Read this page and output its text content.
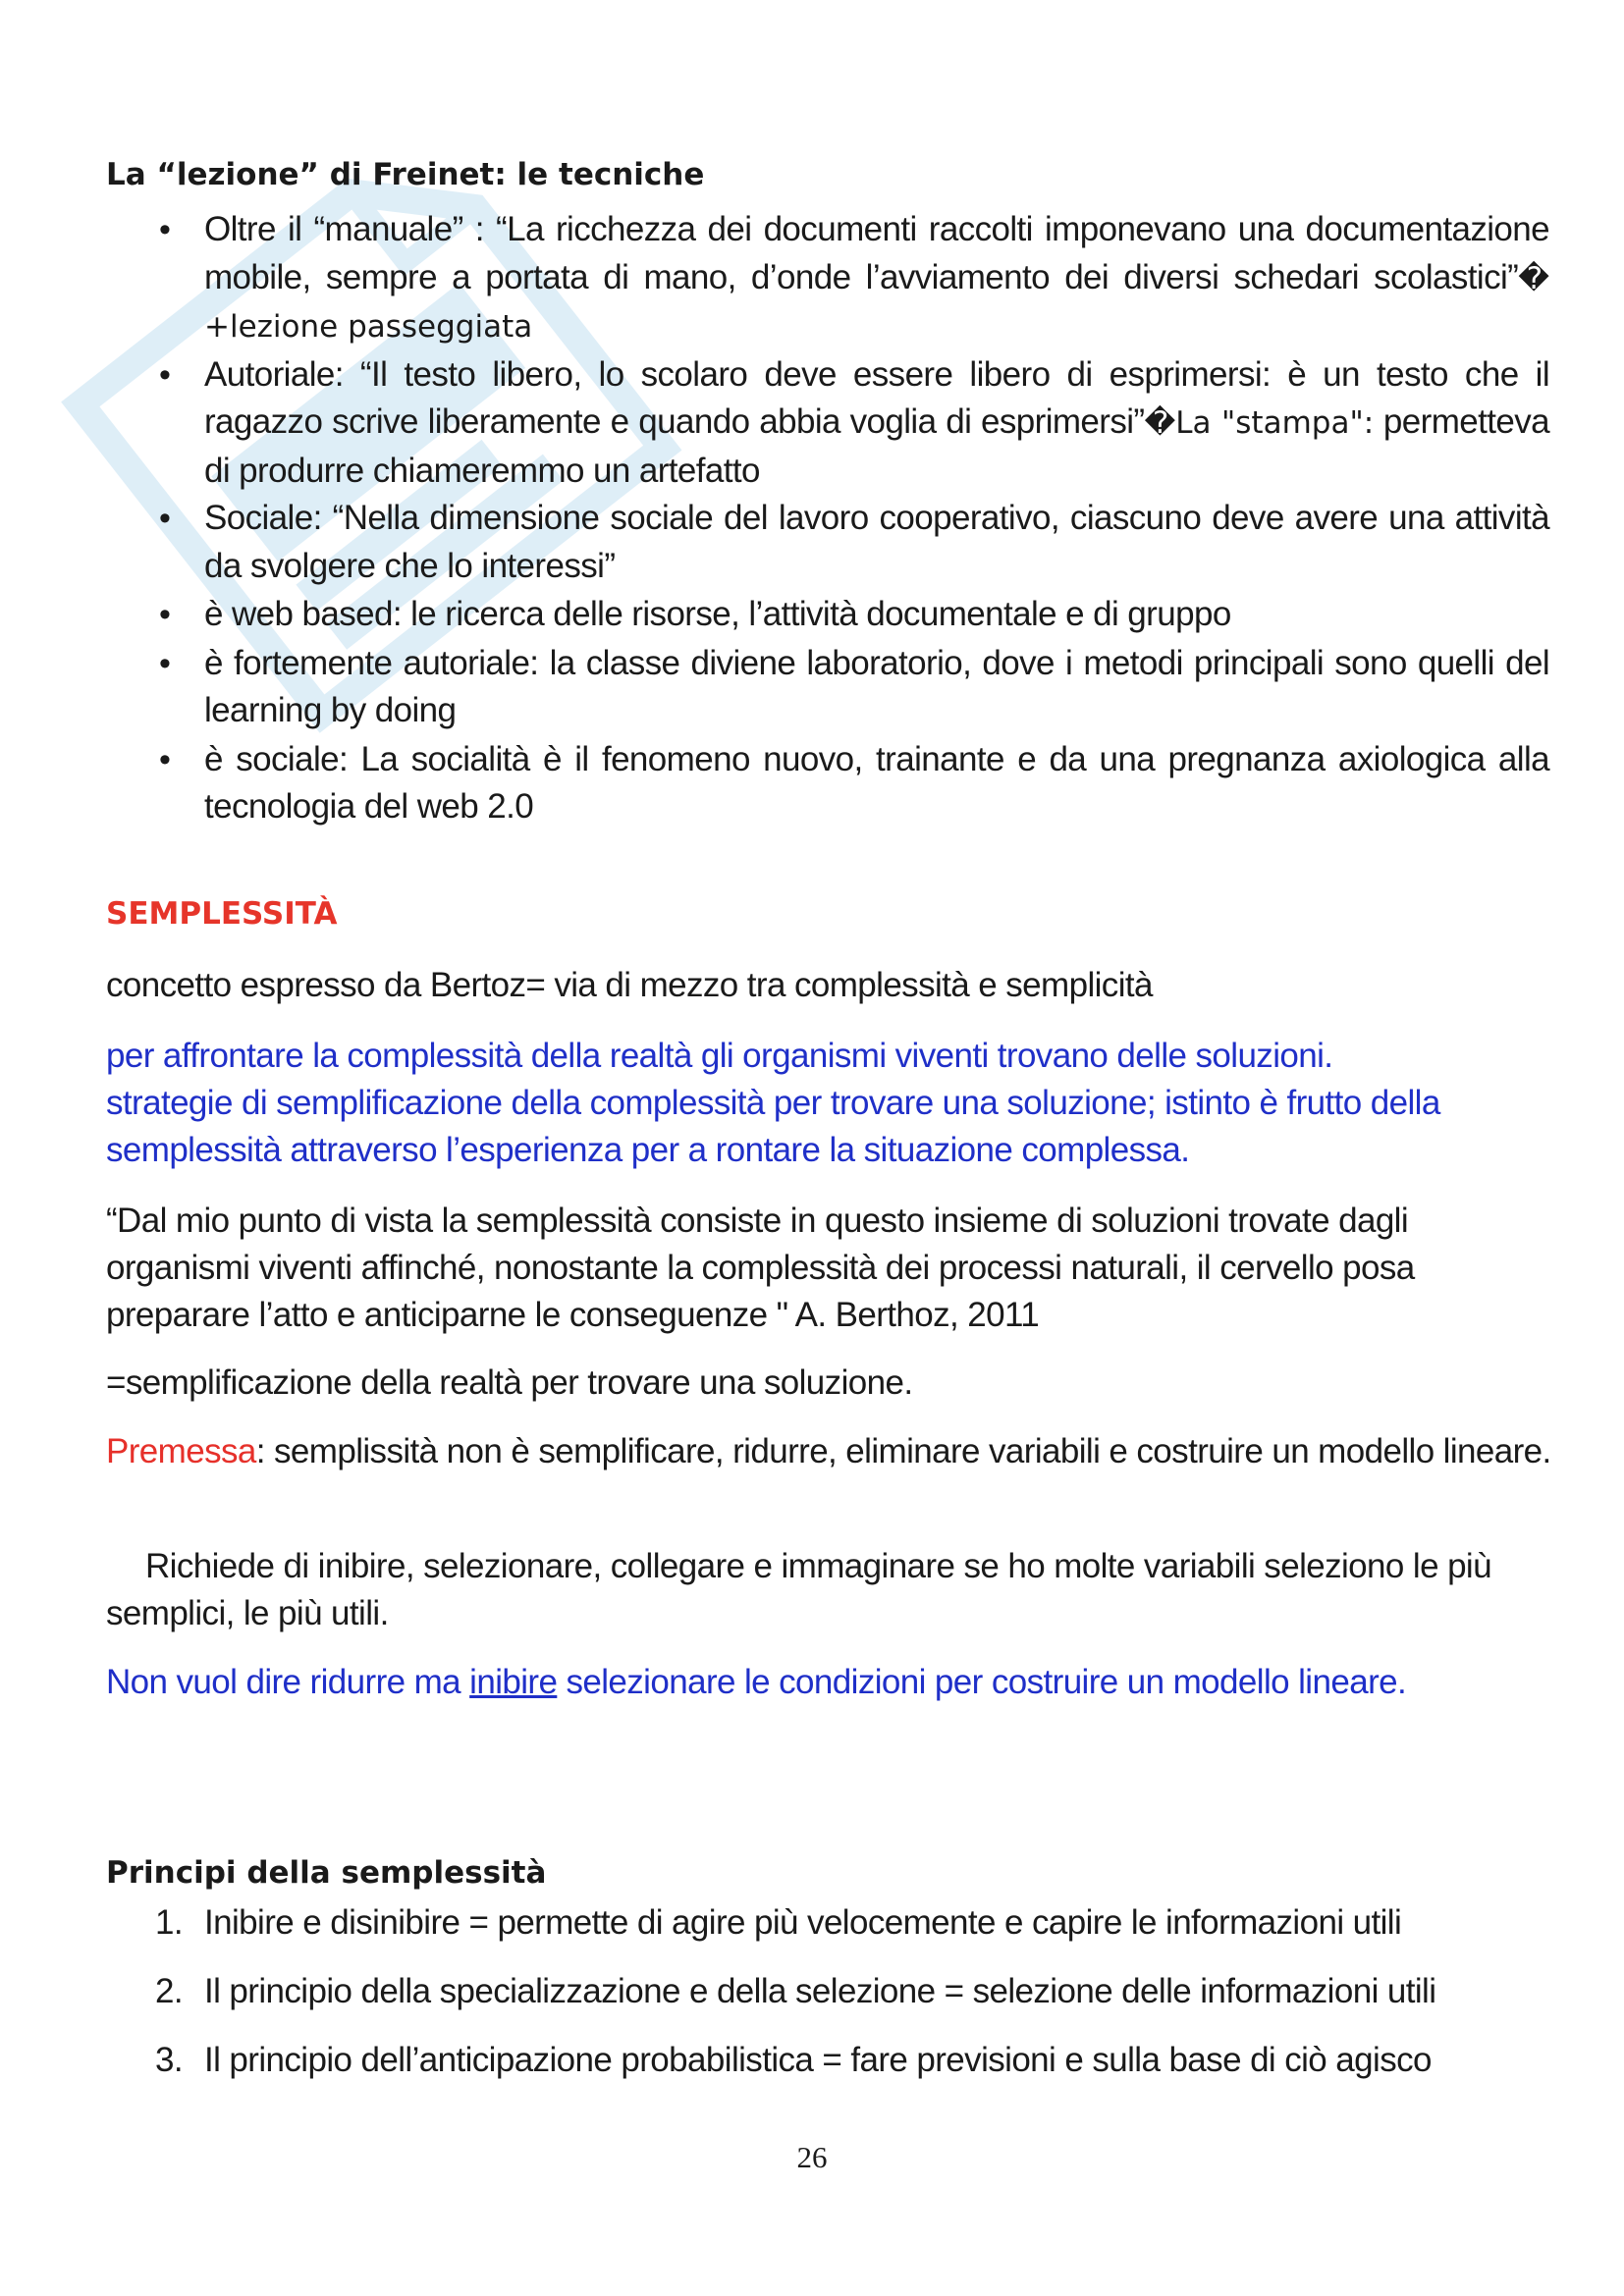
La “lezione” di Freinet: le tecniche
• Oltre il “manuale” : “La ricchezza dei documenti raccolti imponevano una documentazione mobile, sempre a portata di mano, d’onde l’avviamento dei diversi schedari scolastici”� +lezione passeggiata
• Autoriale: “Il testo libero, lo scolaro deve essere libero di esprimersi: è un testo che il ragazzo scrive liberamente e quando abbia voglia di esprimersi”�La "stampa": permetteva di produrre chiameremmo un artefatto
• Sociale: “Nella dimensione sociale del lavoro cooperativo, ciascuno deve avere una attività da svolgere che lo interessi”
• è web based: le ricerca delle risorse, l’attività documentale e di gruppo
• è fortemente autoriale: la classe diviene laboratorio, dove i metodi principali sono quelli del learning by doing
• è sociale: La socialità è il fenomeno nuovo, trainante e da una pregnanza axiologica alla tecnologia del web 2.0
SEMPLESSITÀ

concetto espresso da Bertoz= via di mezzo tra complessità e semplicità

per affrontare la complessità della realtà gli organismi viventi trovano delle soluzioni.

strategie di semplificazione della complessità per trovare una soluzione; istinto è frutto della semplessità attraverso l’esperienza per a rontare la situazione complessa.

“Dal mio punto di vista la semplessità consiste in questo insieme di soluzioni trovate dagli organismi viventi affinché, nonostante la complessità dei processi naturali, il cervello posa preparare l’atto e anticiparne le conseguenze " A. Berthoz, 2011

=semplificazione della realtà per trovare una soluzione.

Premessa: semplissità non è semplificare, ridurre, eliminare variabili e costruire un modello lineare.

Richiede di inibire, selezionare, collegare e immaginare se ho molte variabili seleziono le più semplici, le più utili.

Non vuol dire ridurre ma inibire selezionare le condizioni per costruire un modello lineare.

Principi della semplessità
1. Inibire e disinibire = permette di agire più velocemente e capire le informazioni utili
2. Il principio della specializzazione e della selezione = selezione delle informazioni utili
3. Il principio dell’anticipazione probabilistica = fare previsioni e sulla base di ciò agisco
26
